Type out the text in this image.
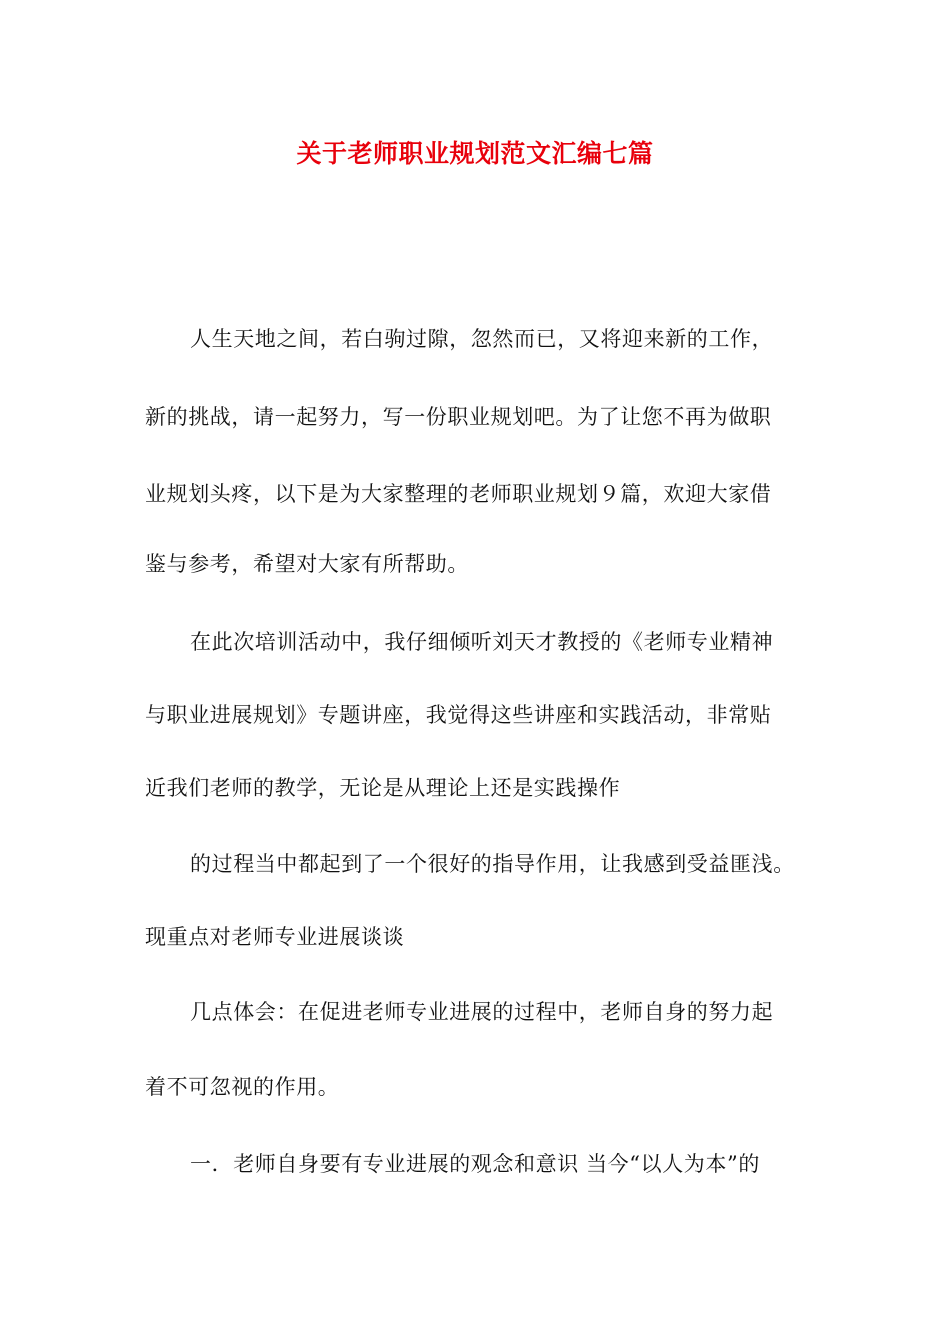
关于老师职业规划范文汇编七篇
人生天地之间，若白驹过隙，忽然而已，又将迎来新的工作，
新的挑战，请一起努力，写一份职业规划吧。为了让您不再为做职
业规划头疼，以下是为大家整理的老师职业规划９篇，欢迎大家借
鉴与参考，希望对大家有所帮助。
在此次培训活动中，我仔细倾听刘天才教授的《老师专业精神
与职业进展规划》专题讲座，我觉得这些讲座和实践活动，非常贴
近我们老师的教学，无论是从理论上还是实践操作
的过程当中都起到了一个很好的指导作用，让我感到受益匪浅。
现重点对老师专业进展谈谈
几点体会：在促进老师专业进展的过程中，老师自身的努力起
着不可忽视的作用。
一．老师自身要有专业进展的观念和意识 当今“以人为本”的
